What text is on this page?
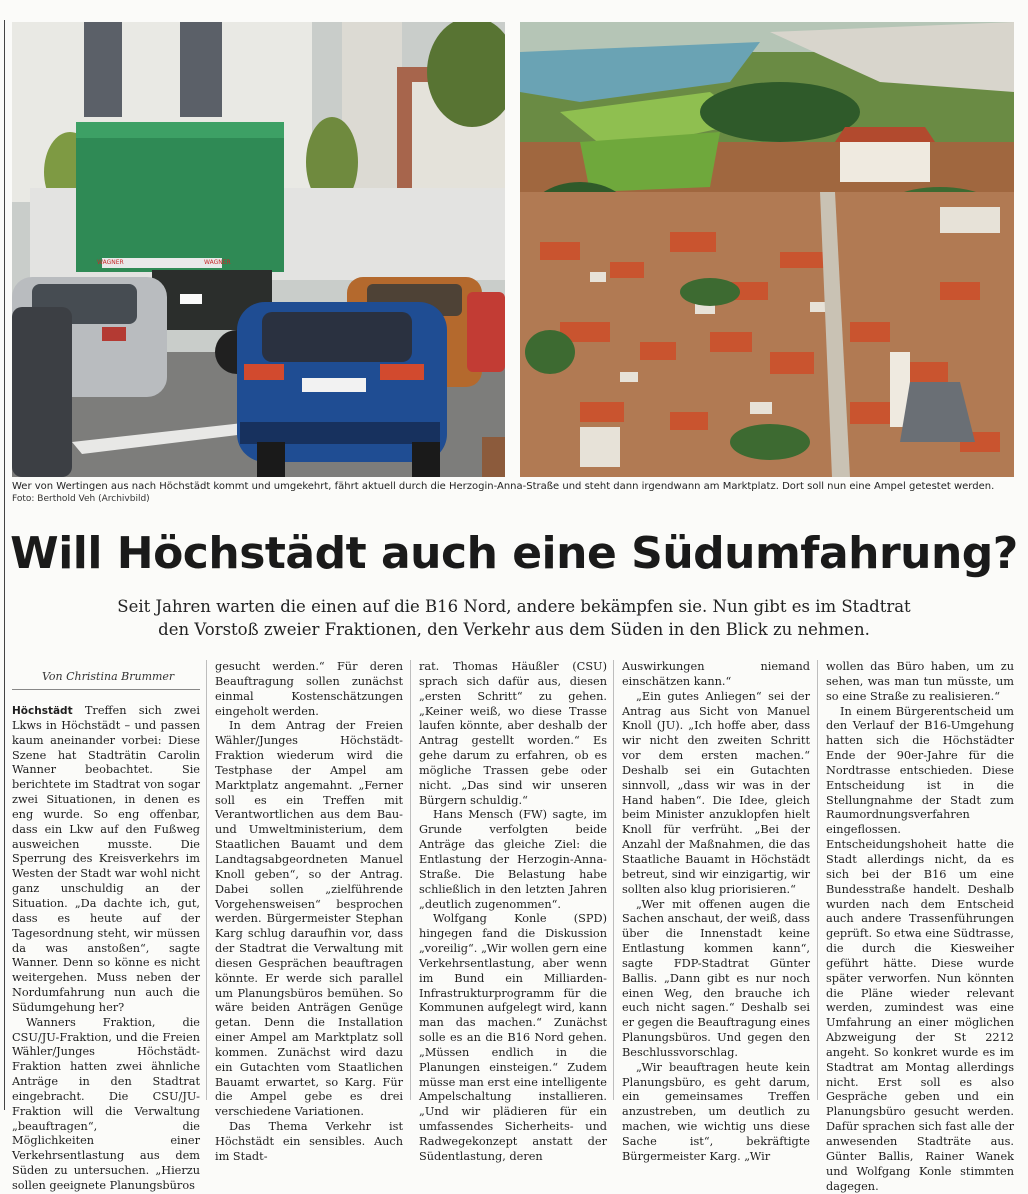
WAGNER	WAGNER
Wer von Wertingen aus nach Höchstädt kommt und umgekehrt, fährt aktuell durch die Herzogin-Anna-Straße und steht dann irgendwann am Marktplatz. Dort soll nun eine Ampel getestet werden.
Foto: Berthold Veh (Archivbild)
Will Höchstädt auch eine Südumfahrung?
Seit Jahren warten die einen auf die B16 Nord, andere bekämpfen sie. Nun gibt es im Stadtrat
den Vorstoß zweier Fraktionen, den Verkehr aus dem Süden in den Blick zu nehmen.
Von Christina Brummer

Höchstädt Treffen sich zwei Lkws in Höchstädt – und passen kaum aneinander vorbei: Diese Szene hat Stadträtin Carolin Wanner beobachtet. Sie berichtete im Stadtrat von sogar zwei Situationen, in denen es eng wurde. So eng offenbar, dass ein Lkw auf den Fußweg ausweichen musste. Die Sperrung des Kreisverkehrs im Westen der Stadt war wohl nicht ganz unschuldig an der Situation. „Da dachte ich, gut, dass es heute auf der Tagesordnung steht, wir müssen da was anstoßen“, sagte Wanner. Denn so könne es nicht weitergehen. Muss neben der Nordumfahrung nun auch die Südumgehung her?

Wanners Fraktion, die CSU/JU-Fraktion, und die Freien Wähler/Junges Höchstädt-Fraktion hatten zwei ähnliche Anträge in den Stadtrat eingebracht. Die CSU/JU-Fraktion will die Verwaltung „beauftragen“, die Möglichkeiten einer Verkehrsentlastung aus dem Süden zu untersuchen. „Hierzu sollen geeignete Planungsbüros

gesucht werden.“ Für deren Beauftragung sollen zunächst einmal Kostenschätzungen eingeholt werden.

In dem Antrag der Freien Wähler/Junges Höchstädt-Fraktion wiederum wird die Testphase der Ampel am Marktplatz angemahnt. „Ferner soll es ein Treffen mit Verantwortlichen aus dem Bau- und Umweltministerium, dem Staatlichen Bauamt und dem Landtagsabgeordneten Manuel Knoll geben“, so der Antrag. Dabei sollen „zielführende Vorgehensweisen“ besprochen werden. Bürgermeister Stephan Karg schlug daraufhin vor, dass der Stadtrat die Verwaltung mit diesen Gesprächen beauftragen könnte. Er werde sich parallel um Planungsbüros bemühen. So wäre beiden Anträgen Genüge getan. Denn die Installation einer Ampel am Marktplatz soll kommen. Zunächst wird dazu ein Gutachten vom Staatlichen Bauamt erwartet, so Karg. Für die Ampel gebe es drei verschiedene Variationen.

Das Thema Verkehr ist Höchstädt ein sensibles. Auch im Stadt-

rat. Thomas Häußler (CSU) sprach sich dafür aus, diesen „ersten Schritt“ zu gehen. „Keiner weiß, wo diese Trasse laufen könnte, aber deshalb der Antrag gestellt worden.“ Es gehe darum zu erfahren, ob es mögliche Trassen gebe oder nicht. „Das sind wir unseren Bürgern schuldig.“

Hans Mensch (FW) sagte, im Grunde verfolgten beide Anträge das gleiche Ziel: die Entlastung der Herzogin-Anna-Straße. Die Belastung habe schließlich in den letzten Jahren „deutlich zugenommen“.

Wolfgang Konle (SPD) hingegen fand die Diskussion „voreilig“. „Wir wollen gern eine Verkehrsentlastung, aber wenn im Bund ein Milliarden-Infrastrukturprogramm für die Kommunen aufgelegt wird, kann man das machen.“ Zunächst solle es an die B16 Nord gehen. „Müssen endlich in die Planungen einsteigen.“ Zudem müsse man erst eine intelligente Ampelschaltung installieren. „Und wir plädieren für ein umfassendes Sicherheits- und Radwegekonzept anstatt der Südentlastung, deren

Auswirkungen niemand einschätzen kann.“

„Ein gutes Anliegen“ sei der Antrag aus Sicht von Manuel Knoll (JU). „Ich hoffe aber, dass wir nicht den zweiten Schritt vor dem ersten machen.“ Deshalb sei ein Gutachten sinnvoll, „dass wir was in der Hand haben“. Die Idee, gleich beim Minister anzuklopfen hielt Knoll für verfrüht. „Bei der Anzahl der Maßnahmen, die das Staatliche Bauamt in Höchstädt betreut, sind wir einzigartig, wir sollten also klug priorisieren.“

„Wer mit offenen augen die Sachen anschaut, der weiß, dass über die Innenstadt keine Entlastung kommen kann“, sagte FDP-Stadtrat Günter Ballis. „Dann gibt es nur noch einen Weg, den brauche ich euch nicht sagen.“ Deshalb sei er gegen die Beauftragung eines Planungsbüros. Und gegen den Beschlussvorschlag.

„Wir beauftragen heute kein Planungsbüro, es geht darum, ein gemeinsames Treffen anzustreben, um deutlich zu machen, wie wichtig uns diese Sache ist“, bekräftigte Bürgermeister Karg. „Wir

wollen das Büro haben, um zu sehen, was man tun müsste, um so eine Straße zu realisieren.“

In einem Bürgerentscheid um den Verlauf der B16-Umgehung hatten sich die Höchstädter Ende der 90er-Jahre für die Nordtrasse entschieden. Diese Entscheidung ist in die Stellungnahme der Stadt zum Raumordnungsverfahren eingeflossen. Entscheidungshoheit hatte die Stadt allerdings nicht, da es sich bei der B16 um eine Bundesstraße handelt. Deshalb wurden nach dem Entscheid auch andere Trassenführungen geprüft. So etwa eine Südtrasse, die durch die Kiesweiher geführt hätte. Diese wurde später verworfen. Nun könnten die Pläne wieder relevant werden, zumindest was eine Umfahrung an einer möglichen Abzweigung der St 2212 angeht. So konkret wurde es im Stadtrat am Montag allerdings nicht. Erst soll es also Gespräche geben und ein Planungsbüro gesucht werden. Dafür sprachen sich fast alle der anwesenden Stadträte aus. Günter Ballis, Rainer Wanek und Wolfgang Konle stimmten dagegen.
